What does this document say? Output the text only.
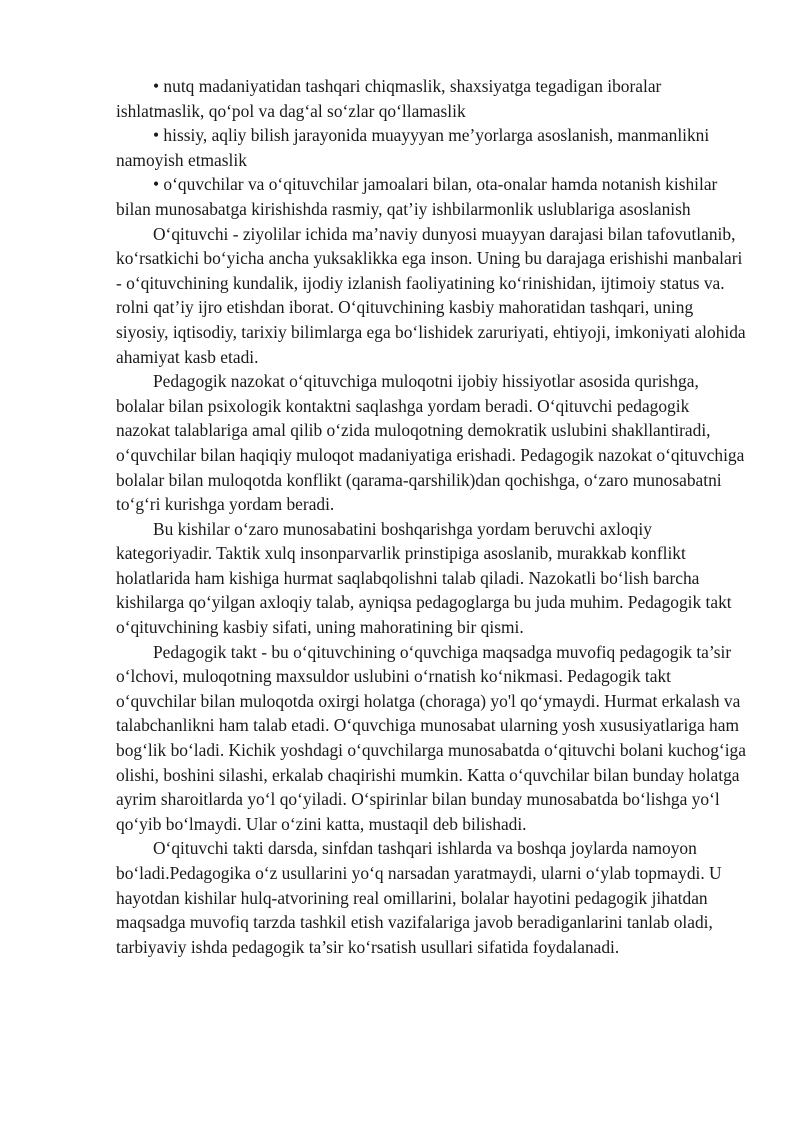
• nutq madaniyatidan tashqari chiqmaslik, shaxsiyatga tegadigan iboralar ishlatmaslik, qo‘pol va dag‘al so‘zlar qo‘llamaslik

• hissiy, aqliy bilish jarayonida muayyyan me’yorlarga asoslanish, manmanlikni namoyish etmaslik

• o‘quvchilar va o‘qituvchilar jamoalari bilan, ota-onalar hamda notanish kishilar bilan munosabatga kirishishda rasmiy, qat’iy ishbilarmonlik uslublariga asoslanish

O‘qituvchi - ziyolilar ichida ma’naviy dunyosi muayyan darajasi bilan tafovutlanib, ko‘rsatkichi bo‘yicha ancha yuksaklikka ega inson. Uning bu darajaga erishishi manbalari - o‘qituvchining kundalik, ijodiy izlanish faoliyatining ko‘rinishidan, ijtimoiy status va. rolni qat’iy ijro etishdan iborat. O‘qituvchining kasbiy mahoratidan tashqari, uning siyosiy, iqtisodiy, tarixiy bilimlarga ega bo‘lishidek zaruriyati, ehtiyoji, imkoniyati alohida ahamiyat kasb etadi.

Pedagogik nazokat o‘qituvchiga muloqotni ijobiy hissiyotlar asosida qurishga, bolalar bilan psixologik kontaktni saqlashga yordam beradi. O‘qituvchi pedagogik nazokat talablariga amal qilib o‘zida muloqotning demokratik uslubini shakllantiradi, o‘quvchilar bilan haqiqiy muloqot madaniyatiga erishadi. Pedagogik nazokat o‘qituvchiga bolalar bilan muloqotda konflikt (qarama-qarshilik)dan qochishga, o‘zaro munosabatni to‘g‘ri kurishga yordam beradi.

Bu kishilar o‘zaro munosabatini boshqarishga yordam beruvchi axloqiy kategoriyadir. Taktik xulq insonparvarlik prinstipiga asoslanib, murakkab konflikt holatlarida ham kishiga hurmat saqlabqolishni talab qiladi. Nazokatli bo‘lish barcha kishilarga qo‘yilgan axloqiy talab, ayniqsa pedagoglarga bu juda muhim. Pedagogik takt o‘qituvchining kasbiy sifati, uning mahoratining bir qismi.

Pedagogik takt - bu o‘qituvchining o‘quvchiga maqsadga muvofiq pedagogik ta’sir o‘lchovi, muloqotning maxsuldor uslubini o‘rnatish ko‘nikmasi. Pedagogik takt o‘quvchilar bilan muloqotda oxirgi holatga (choraga) yo'l qo‘ymaydi. Hurmat erkalash va talabchanlikni ham talab etadi. O‘quvchiga munosabat ularning yosh xususiyatlariga ham bog‘lik bo‘ladi. Kichik yoshdagi o‘quvchilarga munosabatda o‘qituvchi bolani kuchog‘iga olishi, boshini silashi, erkalab chaqirishi mumkin. Katta o‘quvchilar bilan bunday holatga ayrim sharoitlarda yo‘l qo‘yiladi. O‘spirinlar bilan bunday munosabatda bo‘lishga yo‘l qo‘yib bo‘lmaydi. Ular o‘zini katta, mustaqil deb bilishadi.

O‘qituvchi takti darsda, sinfdan tashqari ishlarda va boshqa joylarda namoyon bo‘ladi.Pedagogika o‘z usullarini yo‘q narsadan yaratmaydi, ularni o‘ylab topmaydi. U hayotdan kishilar hulq-atvorining real omillarini, bolalar hayotini pedagogik jihatdan maqsadga muvofiq tarzda tashkil etish vazifalariga javob beradiganlarini tanlab oladi, tarbiyaviy ishda pedagogik ta’sir ko‘rsatish usullari sifatida foydalanadi.
